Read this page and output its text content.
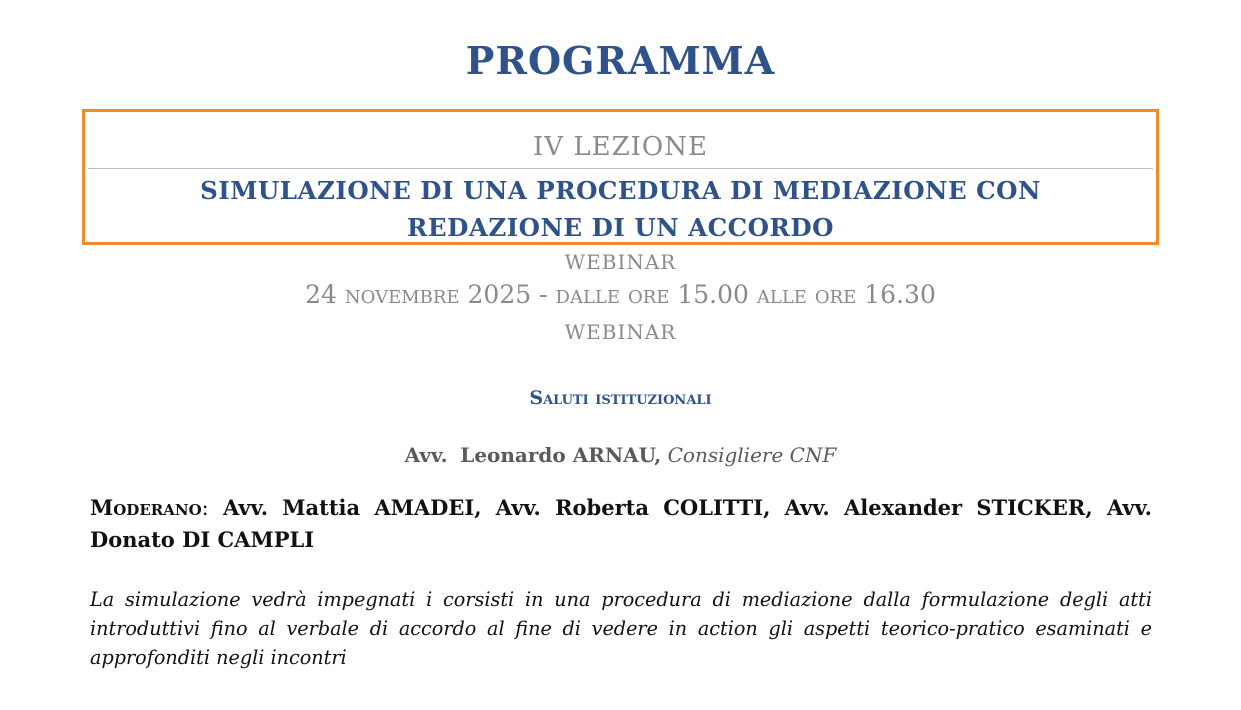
PROGRAMMA
IV LEZIONE
SIMULAZIONE DI UNA PROCEDURA DI MEDIAZIONE CON
REDAZIONE DI UN ACCORDO
WEBINAR
24 novembre 2025 - dalle ore 15.00 alle ore 16.30
WEBINAR
Saluti istituzionali
Avv. Leonardo ARNAU, Consigliere CNF
Moderano: Avv. Mattia AMADEI, Avv. Roberta COLITTI, Avv. Alexander STICKER, Avv. Donato DI CAMPLI
La simulazione vedrà impegnati i corsisti in una procedura di mediazione dalla formulazione degli atti introduttivi fino al verbale di accordo al fine di vedere in action gli aspetti teorico-pratico esaminati e approfonditi negli incontri
